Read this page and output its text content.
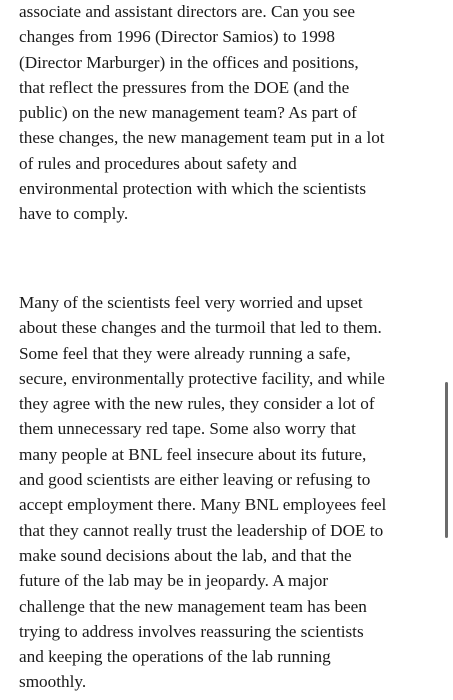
associate and assistant directors are. Can you see
changes from 1996 (Director Samios) to 1998
(Director Marburger) in the offices and positions,
that reflect the pressures from the DOE (and the
public) on the new management team? As part of
these changes, the new management team put in a lot
of rules and procedures about safety and
environmental protection with which the scientists
have to comply.

Many of the scientists feel very worried and upset
about these changes and the turmoil that led to them.
Some feel that they were already running a safe,
secure, environmentally protective facility, and while
they agree with the new rules, they consider a lot of
them unnecessary red tape. Some also worry that
many people at BNL feel insecure about its future,
and good scientists are either leaving or refusing to
accept employment there. Many BNL employees feel
that they cannot really trust the leadership of DOE to
make sound decisions about the lab, and that the
future of the lab may be in jeopardy. A major
challenge that the new management team has been
trying to address involves reassuring the scientists
and keeping the operations of the lab running
smoothly.
